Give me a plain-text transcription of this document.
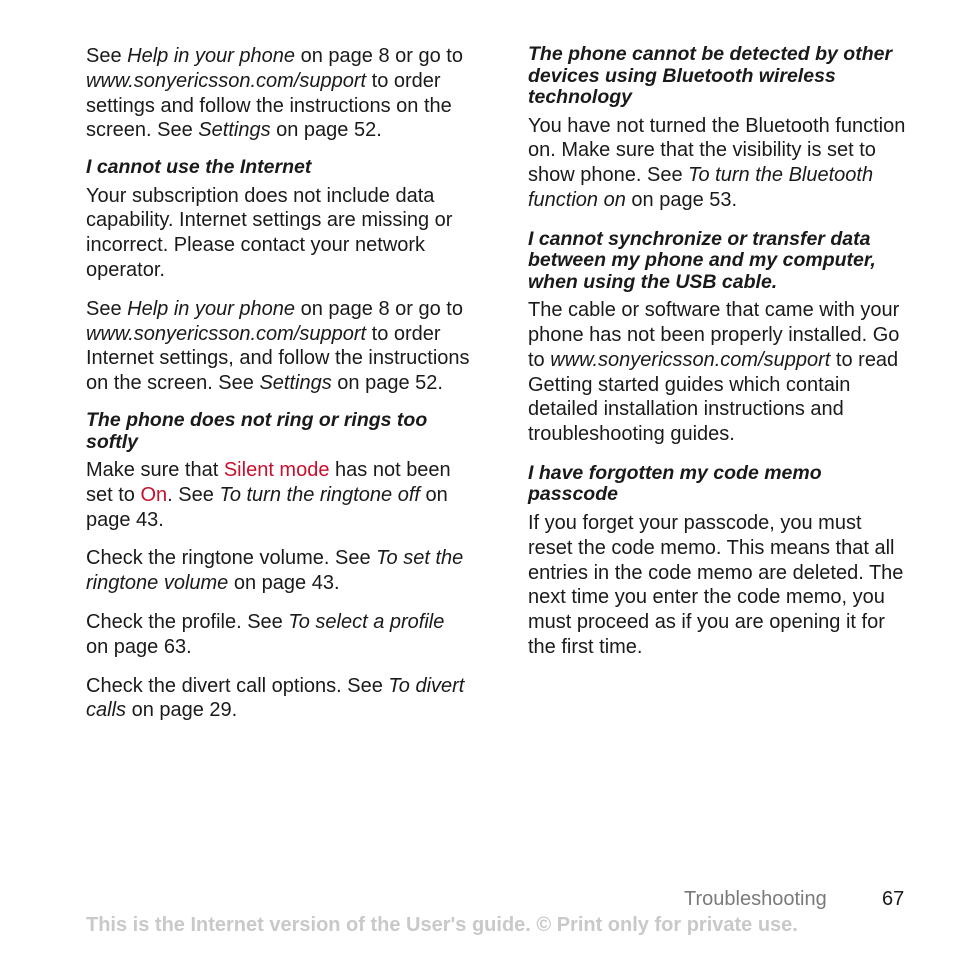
See Help in your phone on page 8 or go to www.sonyericsson.com/support to order settings and follow the instructions on the screen. See Settings on page 52.

I cannot use the Internet

Your subscription does not include data capability. Internet settings are missing or incorrect. Please contact your network operator.

See Help in your phone on page 8 or go to www.sonyericsson.com/support to order Internet settings, and follow the instructions on the screen. See Settings on page 52.

The phone does not ring or rings too softly

Make sure that Silent mode has not been set to On. See To turn the ringtone off on page 43.

Check the ringtone volume. See To set the ringtone volume on page 43.

Check the profile. See To select a profile on page 63.

Check the divert call options. See To divert calls on page 29.

The phone cannot be detected by other devices using Bluetooth wireless technology

You have not turned the Bluetooth function on. Make sure that the visibility is set to show phone. See To turn the Bluetooth function on on page 53.

I cannot synchronize or transfer data between my phone and my computer, when using the USB cable.

The cable or software that came with your phone has not been properly installed. Go to www.sonyericsson.com/support to read Getting started guides which contain detailed installation instructions and troubleshooting guides.

I have forgotten my code memo passcode

If you forget your passcode, you must reset the code memo. This means that all entries in the code memo are deleted. The next time you enter the code memo, you must proceed as if you are opening it for the first time.

Troubleshooting	67
This is the Internet version of the User's guide. © Print only for private use.
